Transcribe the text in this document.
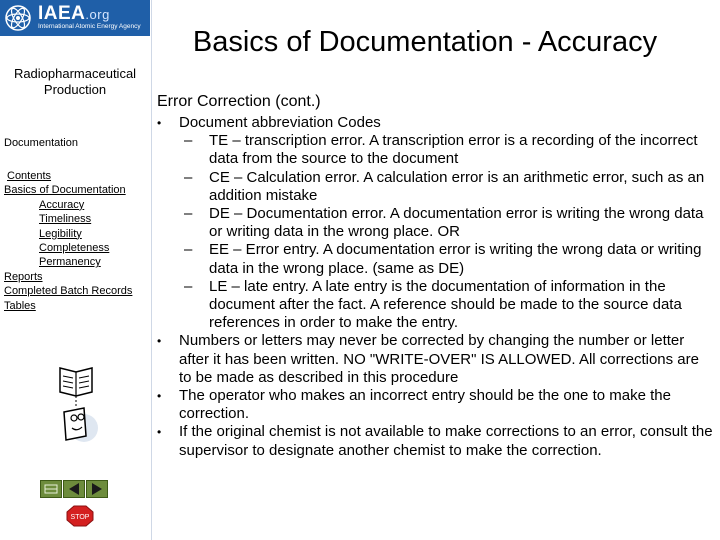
IAEA.org
International Atomic Energy Agency
Radiopharmaceutical
Production
Documentation
Contents
Basics of Documentation
Accuracy
Timeliness
Legibility
Completeness
Permanency
Reports
Completed Batch Records
Tables
STOP
Basics of Documentation - Accuracy
Error Correction (cont.)
• Document abbreviation Codes
– TE – transcription error. A transcription error is a recording of the incorrect data from the source to the document
– CE – Calculation error. A calculation error is an arithmetic error, such as an addition mistake
– DE – Documentation error. A documentation error is writing the wrong data or writing data in the wrong place. OR
– EE – Error entry. A documentation error is writing the wrong data or writing data in the wrong place. (same as DE)
– LE – late entry. A late entry is the documentation of information in the document after the fact. A reference should be made to the source data references in order to make the entry.
• Numbers or letters may never be corrected by changing the number or letter after it has been written. NO "WRITE-OVER" IS ALLOWED. All corrections are to be made as described in this procedure
• The operator who makes an incorrect entry should be the one to make the correction.
• If the original chemist is not available to make corrections to an error, consult the supervisor to designate another chemist to make the correction.
